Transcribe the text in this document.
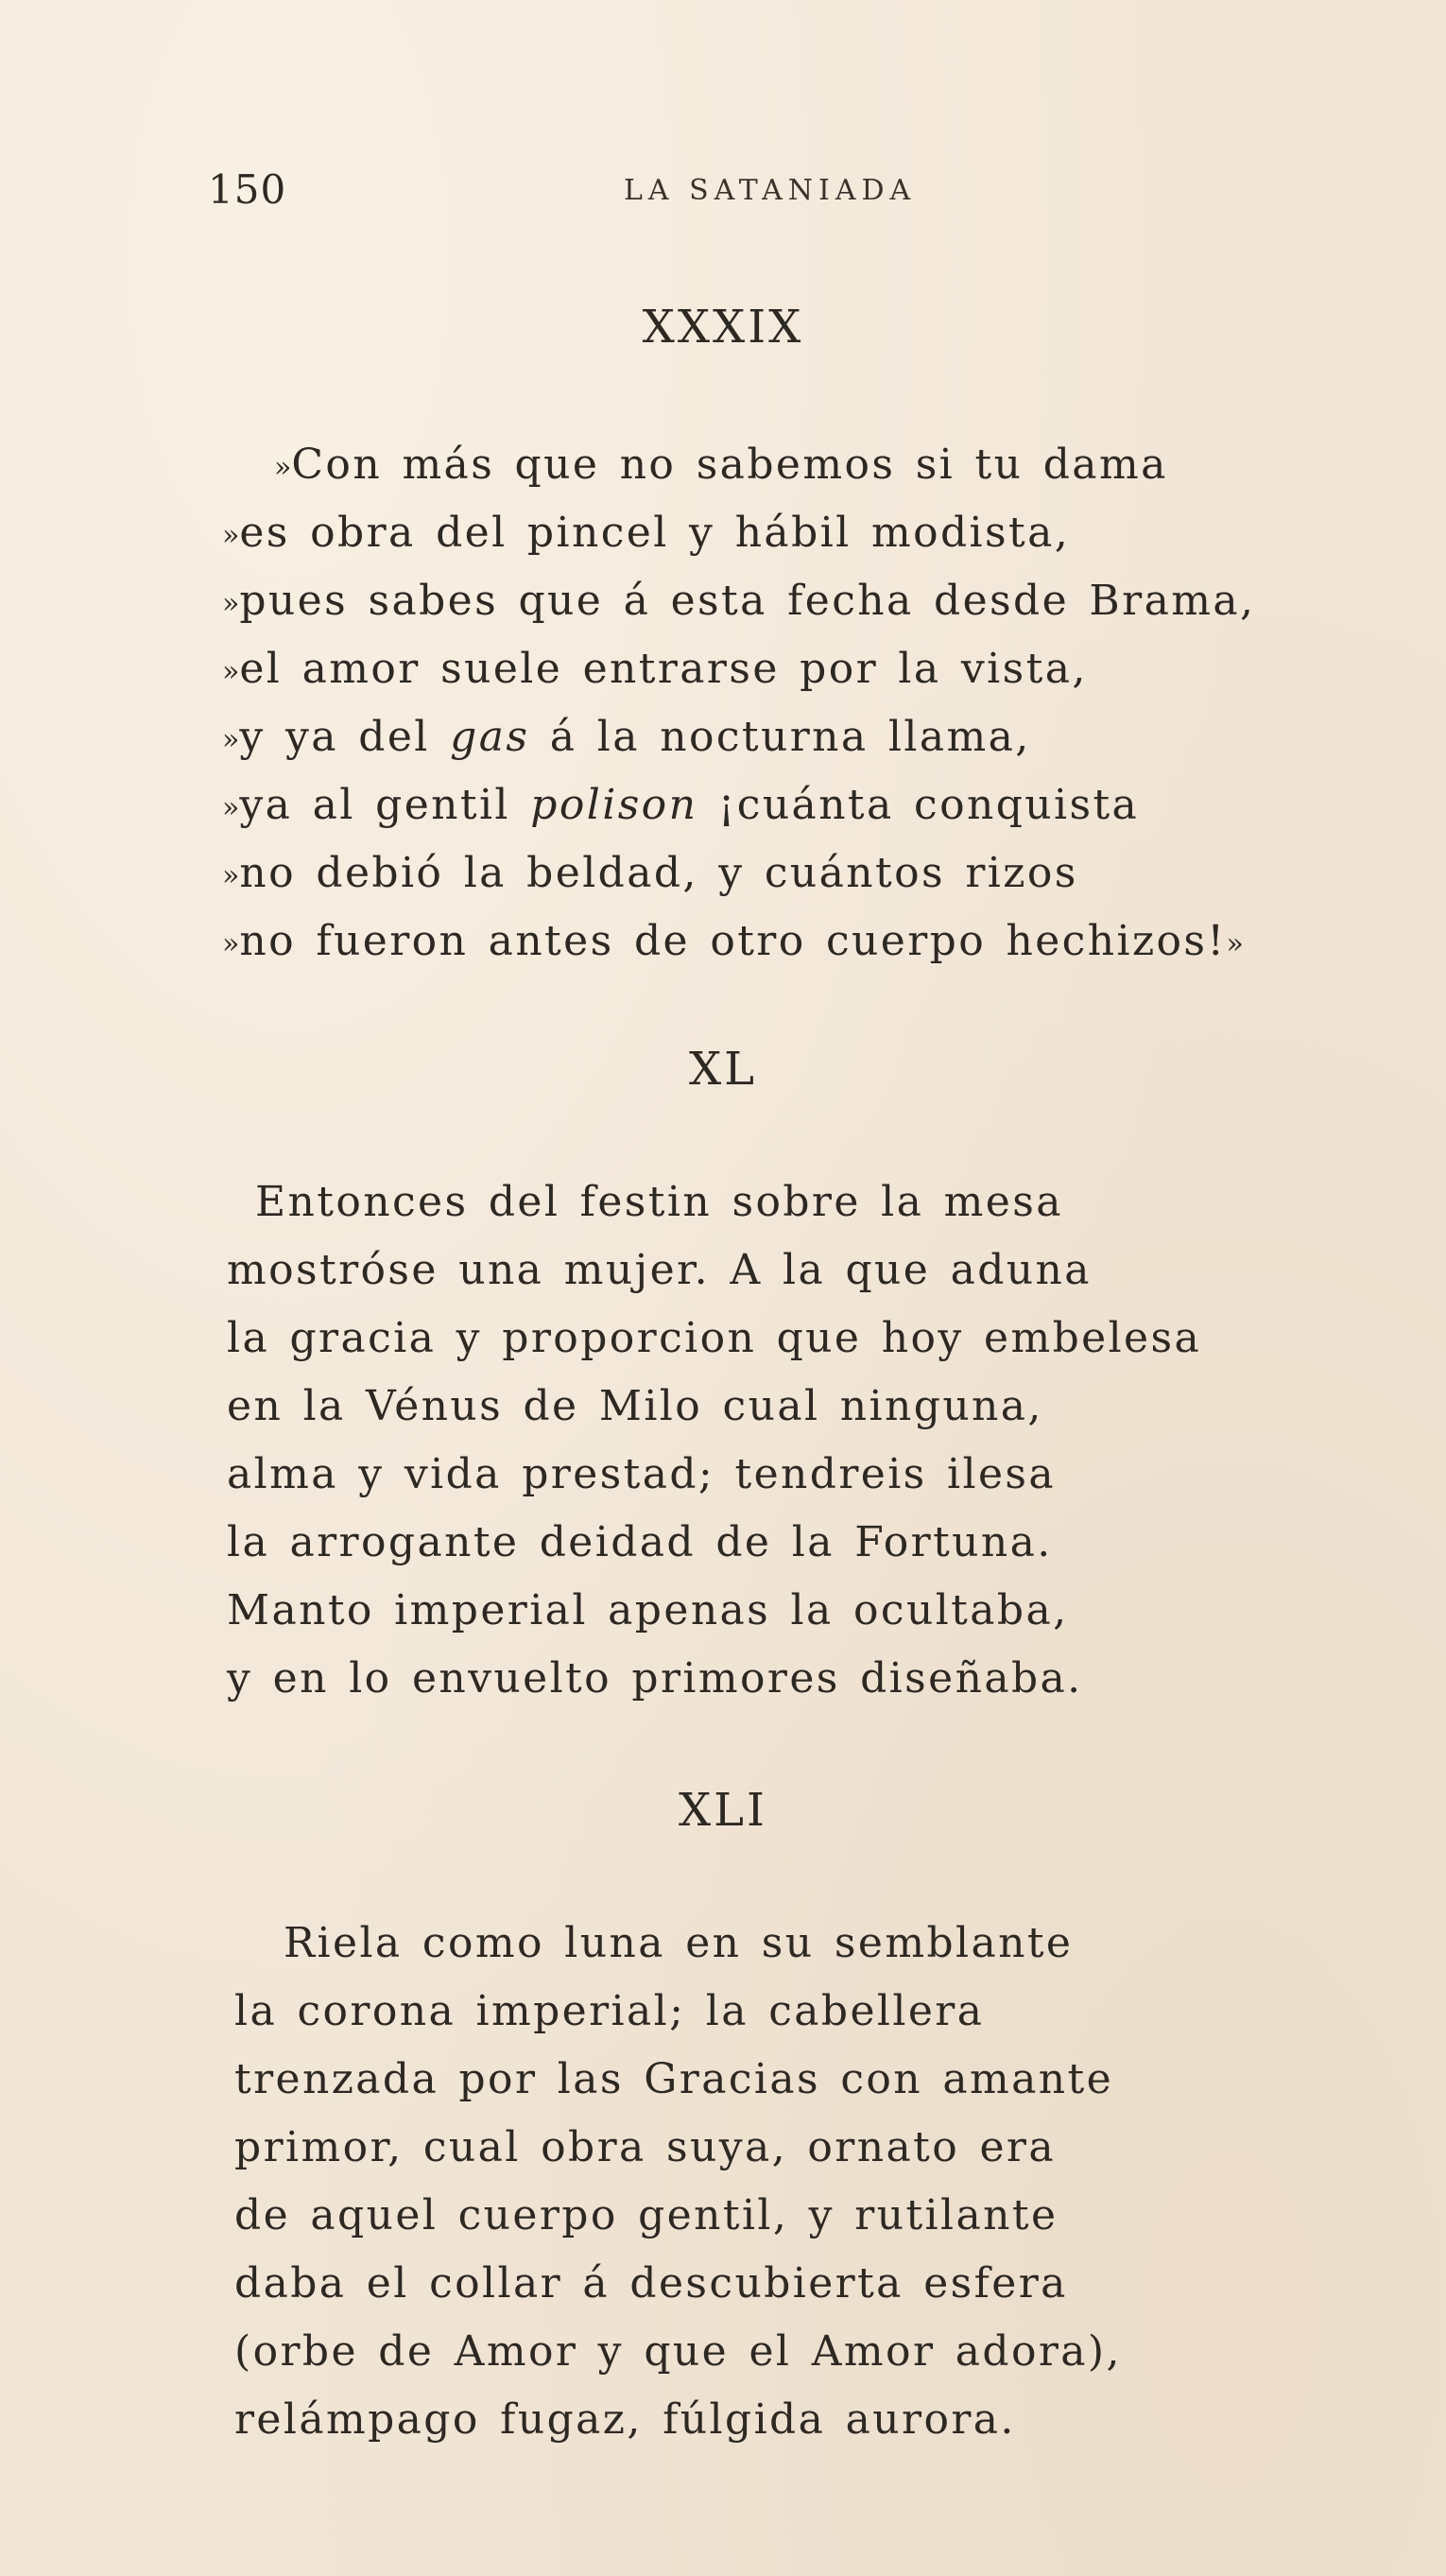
150	LA SATANIADA
XXXIX
»Con más que no sabemos si tu dama
»es obra del pincel y hábil modista,
»pues sabes que á esta fecha desde Brama,
»el amor suele entrarse por la vista,
»y ya del gas á la nocturna llama,
»ya al gentil polison ¡cuánta conquista
»no debió la beldad, y cuántos rizos
»no fueron antes de otro cuerpo hechizos!»
XL
Entonces del festin sobre la mesa
mostróse una mujer. A la que aduna
la gracia y proporcion que hoy embelesa
en la Vénus de Milo cual ninguna,
alma y vida prestad; tendreis ilesa
la arrogante deidad de la Fortuna.
Manto imperial apenas la ocultaba,
y en lo envuelto primores diseñaba.
XLI
Riela como luna en su semblante
la corona imperial; la cabellera
trenzada por las Gracias con amante
primor, cual obra suya, ornato era
de aquel cuerpo gentil, y rutilante
daba el collar á descubierta esfera
(orbe de Amor y que el Amor adora),
relámpago fugaz, fúlgida aurora.
